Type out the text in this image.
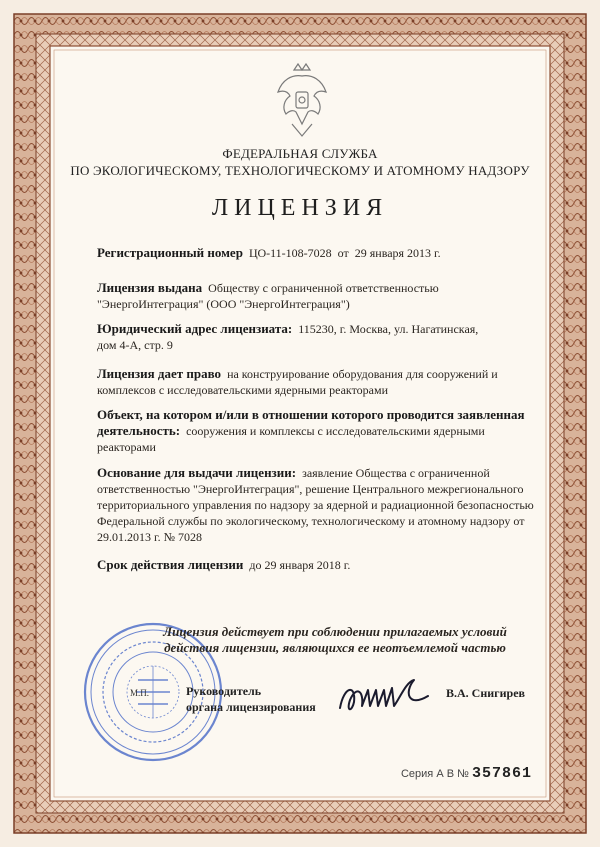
ФЕДЕРАЛЬНАЯ СЛУЖБА
ПО ЭКОЛОГИЧЕСКОМУ, ТЕХНОЛОГИЧЕСКОМУ И АТОМНОМУ НАДЗОРУ
ЛИЦЕНЗИЯ
Регистрационный номер ЦО-11-108-7028 от 29 января 2013 г.
Лицензия выдана Обществу с ограниченной ответственностью
"ЭнергоИнтеграция" (ООО "ЭнергоИнтеграция")
Юридический адрес лицензиата: 115230, г. Москва, ул. Нагатинская,
дом 4-А, стр. 9
Лицензия дает право на конструирование оборудования для сооружений и
комплексов с исследовательскими ядерными реакторами
Объект, на котором и/или в отношении которого проводится заявленная
деятельность: сооружения и комплексы с исследовательскими ядерными
реакторами
Основание для выдачи лицензии: заявление Общества с ограниченной
ответственностью "ЭнергоИнтеграция", решение Центрального межрегионального
территориального управления по надзору за ядерной и радиационной безопасностью
Федеральной службы по экологическому, технологическому и атомному надзору от
29.01.2013 г. № 7028
Срок действия лицензии до 29 января 2018 г.
Лицензия действует при соблюдении прилагаемых условий
действия лицензии, являющихся ее неотъемлемой частью
М.П.	Руководитель
органа лицензирования
В.А. Снигирев
Серия А В № 357861
